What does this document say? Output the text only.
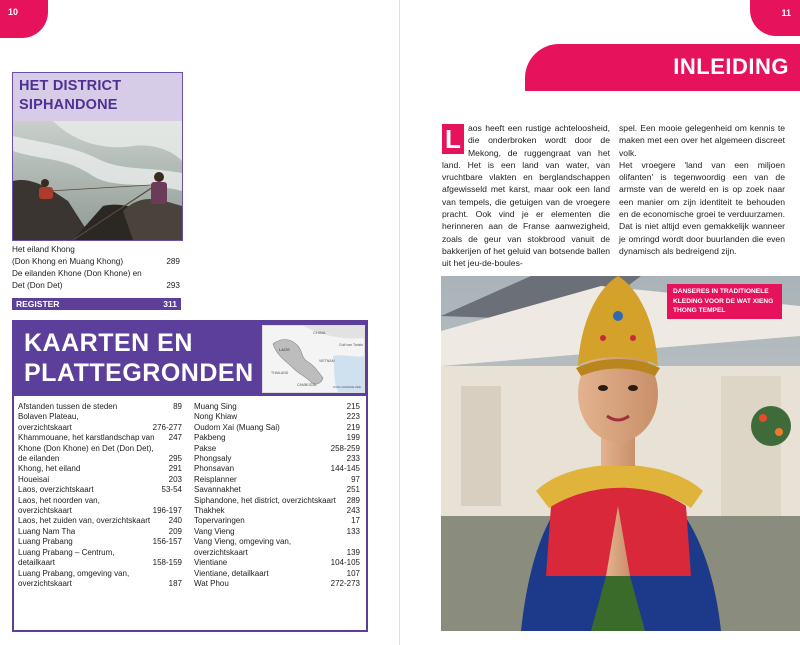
10
HET DISTRICT
SIPHANDONE
Het eiland Khong
(Don Khong en Muang Khong)	289
De eilanden Khone (Don Khone) en
Det (Don Det)	293
REGISTER	311
KAARTEN EN
PLATTEGRONDEN
CHINA
LAOS
Gulf van Tonkin
THAILAND
VIETNAM
CAMBODJA	ZUID-CHINESE ZEE
Afstanden tussen de steden	89
Bolaven Plateau,
overzichtskaart	276-277
Khammouane, het karstlandschap van	247
Khone (Don Khone) en Det (Don Det),
de eilanden	295
Khong, het eiland	291
Houeisai	203
Laos, overzichtskaart	53-54
Laos, het noorden van,
overzichtskaart	196-197
Laos, het zuiden van, overzichtskaart	240
Luang Nam Tha	209
Luang Prabang	156-157
Luang Prabang – Centrum,
detailkaart	158-159
Luang Prabang, omgeving van,
overzichtskaart	187
Muang Sing	215
Nong Khiaw	223
Oudom Xai (Muang Sai)	219
Pakbeng	199
Pakse	258-259
Phongsaly	233
Phonsavan	144-145
Reisplanner	97
Savannakhet	251
Siphandone, het district, overzichtskaart 289
Thakhek	243
Topervaringen	17
Vang Vieng	133
Vang Vieng, omgeving van,
overzichtskaart	139
Vientiane	104-105
Vientiane, detailkaart	107
Wat Phou	272-273
11
INLEIDING
L aos heeft een rustige achteloosheid, die onderbroken wordt door de Mekong, de ruggengraat van het land. Het is een land van water, van vruchtbare vlakten en berglandschappen afgewisseld met karst, maar ook een land van tempels, die getuigen van de vroegere pracht. Ook vind je er elementen die herinneren aan de Franse aanwezigheid, zoals de geur van stokbrood vanuit de bakkerijen of het geluid van botsende ballen uit het jeu-de-boules-
spel. Een mooie gelegenheid om kennis te maken met een over het algemeen discreet volk.
Het vroegere 'land van een miljoen olifanten' is tegenwoordig een van de armste van de wereld en is op zoek naar een manier om zijn identiteit te behouden en de economische groei te verduurzamen. Dat is niet altijd even gemakkelijk wanneer je omringd wordt door buurlanden die even dynamisch als bedreigend zijn.
DANSERES IN TRADITIONELE KLEDING VOOR DE WAT XIENG THONG TEMPEL
